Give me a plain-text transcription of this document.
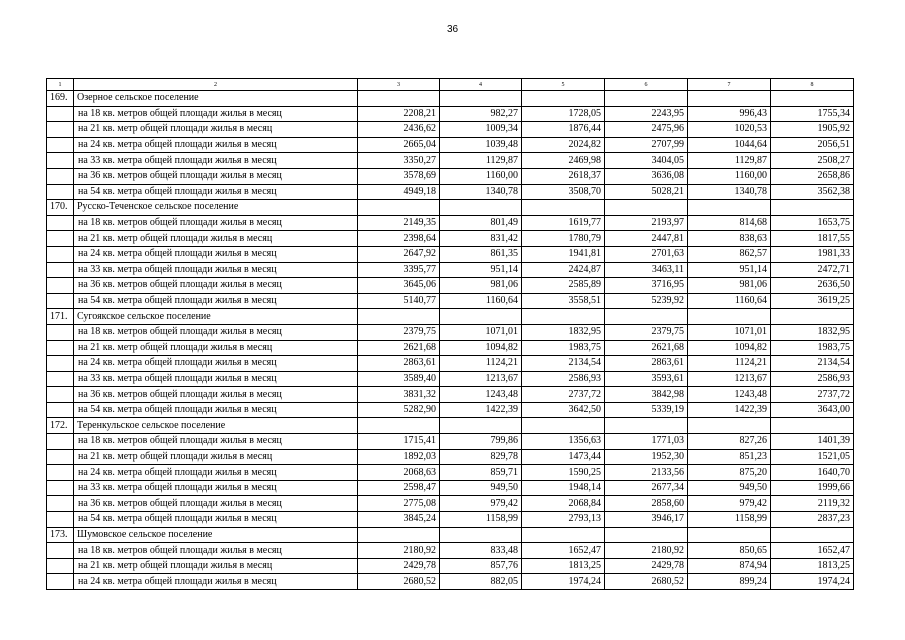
36
1	2	3	4	5	6	7	8
169.	Озерное сельское поселение						
	на 18 кв. метров общей площади жилья в месяц	2208,21	982,27	1728,05	2243,95	996,43	1755,34
	на 21 кв. метр общей площади жилья в месяц	2436,62	1009,34	1876,44	2475,96	1020,53	1905,92
	на 24 кв. метра общей площади жилья в месяц	2665,04	1039,48	2024,82	2707,99	1044,64	2056,51
	на 33 кв. метра общей площади жилья в месяц	3350,27	1129,87	2469,98	3404,05	1129,87	2508,27
	на 36 кв. метров общей площади жилья в месяц	3578,69	1160,00	2618,37	3636,08	1160,00	2658,86
	на 54 кв. метра общей площади жилья в месяц	4949,18	1340,78	3508,70	5028,21	1340,78	3562,38
170.	Русско-Теченское сельское поселение						
	на 18 кв. метров общей площади жилья в месяц	2149,35	801,49	1619,77	2193,97	814,68	1653,75
	на 21 кв. метр общей площади жилья в месяц	2398,64	831,42	1780,79	2447,81	838,63	1817,55
	на 24 кв. метра общей площади жилья в месяц	2647,92	861,35	1941,81	2701,63	862,57	1981,33
	на 33 кв. метра общей площади жилья в месяц	3395,77	951,14	2424,87	3463,11	951,14	2472,71
	на 36 кв. метров общей площади жилья в месяц	3645,06	981,06	2585,89	3716,95	981,06	2636,50
	на 54 кв. метра общей площади жилья в месяц	5140,77	1160,64	3558,51	5239,92	1160,64	3619,25
171.	Сугоякское сельское поселение						
	на 18 кв. метров общей площади жилья в месяц	2379,75	1071,01	1832,95	2379,75	1071,01	1832,95
	на 21 кв. метр общей площади жилья в месяц	2621,68	1094,82	1983,75	2621,68	1094,82	1983,75
	на 24 кв. метра общей площади жилья в месяц	2863,61	1124,21	2134,54	2863,61	1124,21	2134,54
	на 33 кв. метра общей площади жилья в месяц	3589,40	1213,67	2586,93	3593,61	1213,67	2586,93
	на 36 кв. метров общей площади жилья в месяц	3831,32	1243,48	2737,72	3842,98	1243,48	2737,72
	на 54 кв. метра общей площади жилья в месяц	5282,90	1422,39	3642,50	5339,19	1422,39	3643,00
172.	Теренкульское сельское поселение						
	на 18 кв. метров общей площади жилья в месяц	1715,41	799,86	1356,63	1771,03	827,26	1401,39
	на 21 кв. метр общей площади жилья в месяц	1892,03	829,78	1473,44	1952,30	851,23	1521,05
	на 24 кв. метра общей площади жилья в месяц	2068,63	859,71	1590,25	2133,56	875,20	1640,70
	на 33 кв. метра общей площади жилья в месяц	2598,47	949,50	1948,14	2677,34	949,50	1999,66
	на 36 кв. метров общей площади жилья в месяц	2775,08	979,42	2068,84	2858,60	979,42	2119,32
	на 54 кв. метра общей площади жилья в месяц	3845,24	1158,99	2793,13	3946,17	1158,99	2837,23
173.	Шумовское сельское поселение						
	на 18 кв. метров общей площади жилья в месяц	2180,92	833,48	1652,47	2180,92	850,65	1652,47
	на 21 кв. метр общей площади жилья в месяц	2429,78	857,76	1813,25	2429,78	874,94	1813,25
	на 24 кв. метра общей площади жилья в месяц	2680,52	882,05	1974,24	2680,52	899,24	1974,24
